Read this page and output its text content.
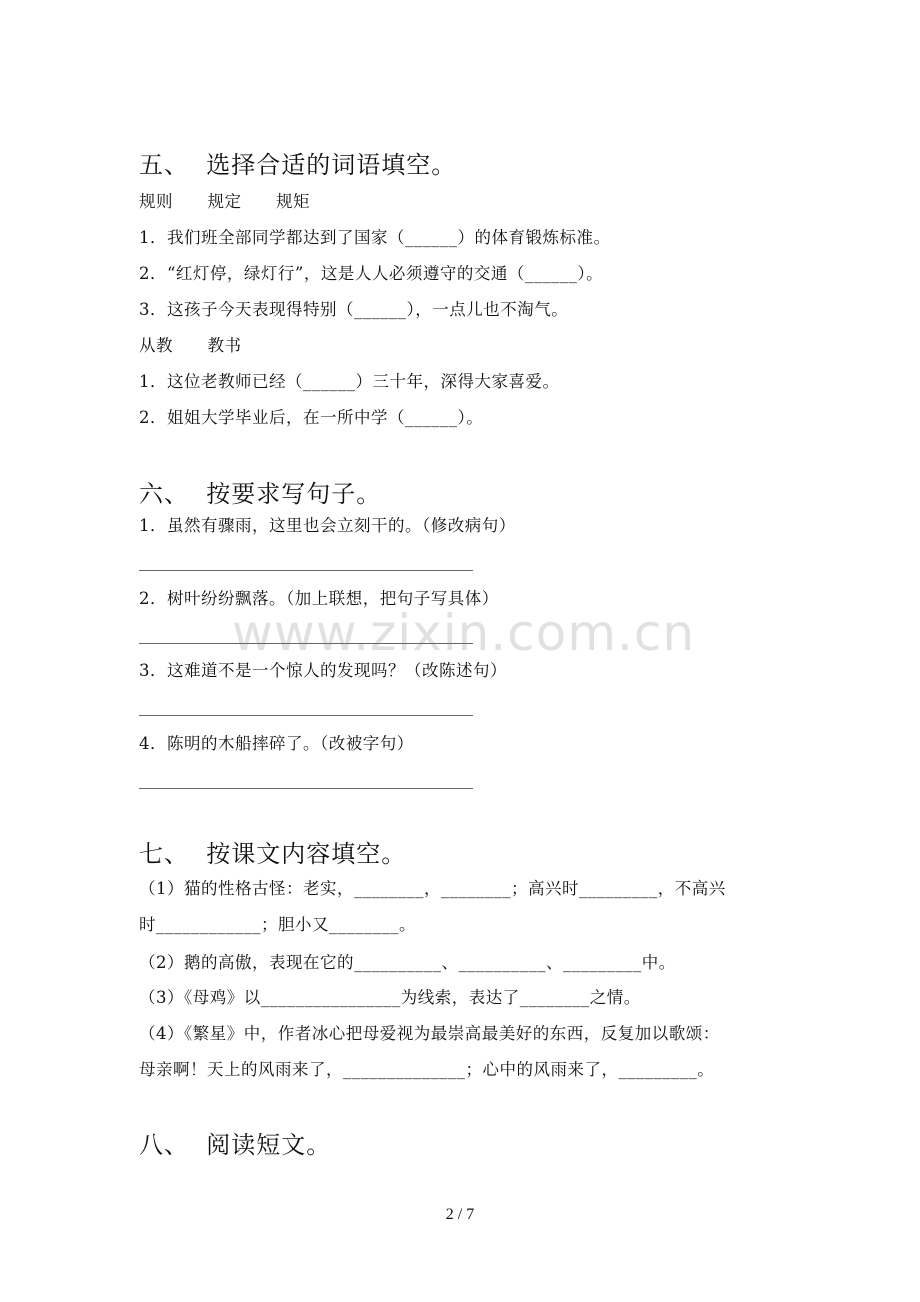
五、  选择合适的词语填空。
规则      规定      规矩
1．我们班全部同学都达到了国家（______）的体育锻炼标准。
2．“红灯停，绿灯行”，这是人人必须遵守的交通（______）。
3．这孩子今天表现得特别（______），一点儿也不淘气。
从教      教书
1．这位老教师已经（______）三十年，深得大家喜爱。
2．姐姐大学毕业后，在一所中学（______）。
六、  按要求写句子。
1．虽然有骤雨，这里也会立刻干的。（修改病句）
2．树叶纷纷飘落。（加上联想，把句子写具体）
3．这难道不是一个惊人的发现吗？（改陈述句）
4．陈明的木船摔碎了。（改被字句）
七、  按课文内容填空。
（1）猫的性格古怪：老实，________，________；高兴时_________，不高兴
时____________；胆小又________。
（2）鹅的高傲，表现在它的__________、__________、_________中。
（3）《母鸡》以________________为线索，表达了________之情。
（4）《繁星》中，作者冰心把母爱视为最崇高最美好的东西，反复加以歌颂：
母亲啊！天上的风雨来了，______________；心中的风雨来了，_________。
八、  阅读短文。
www.zixin.com.cn
2 / 7
